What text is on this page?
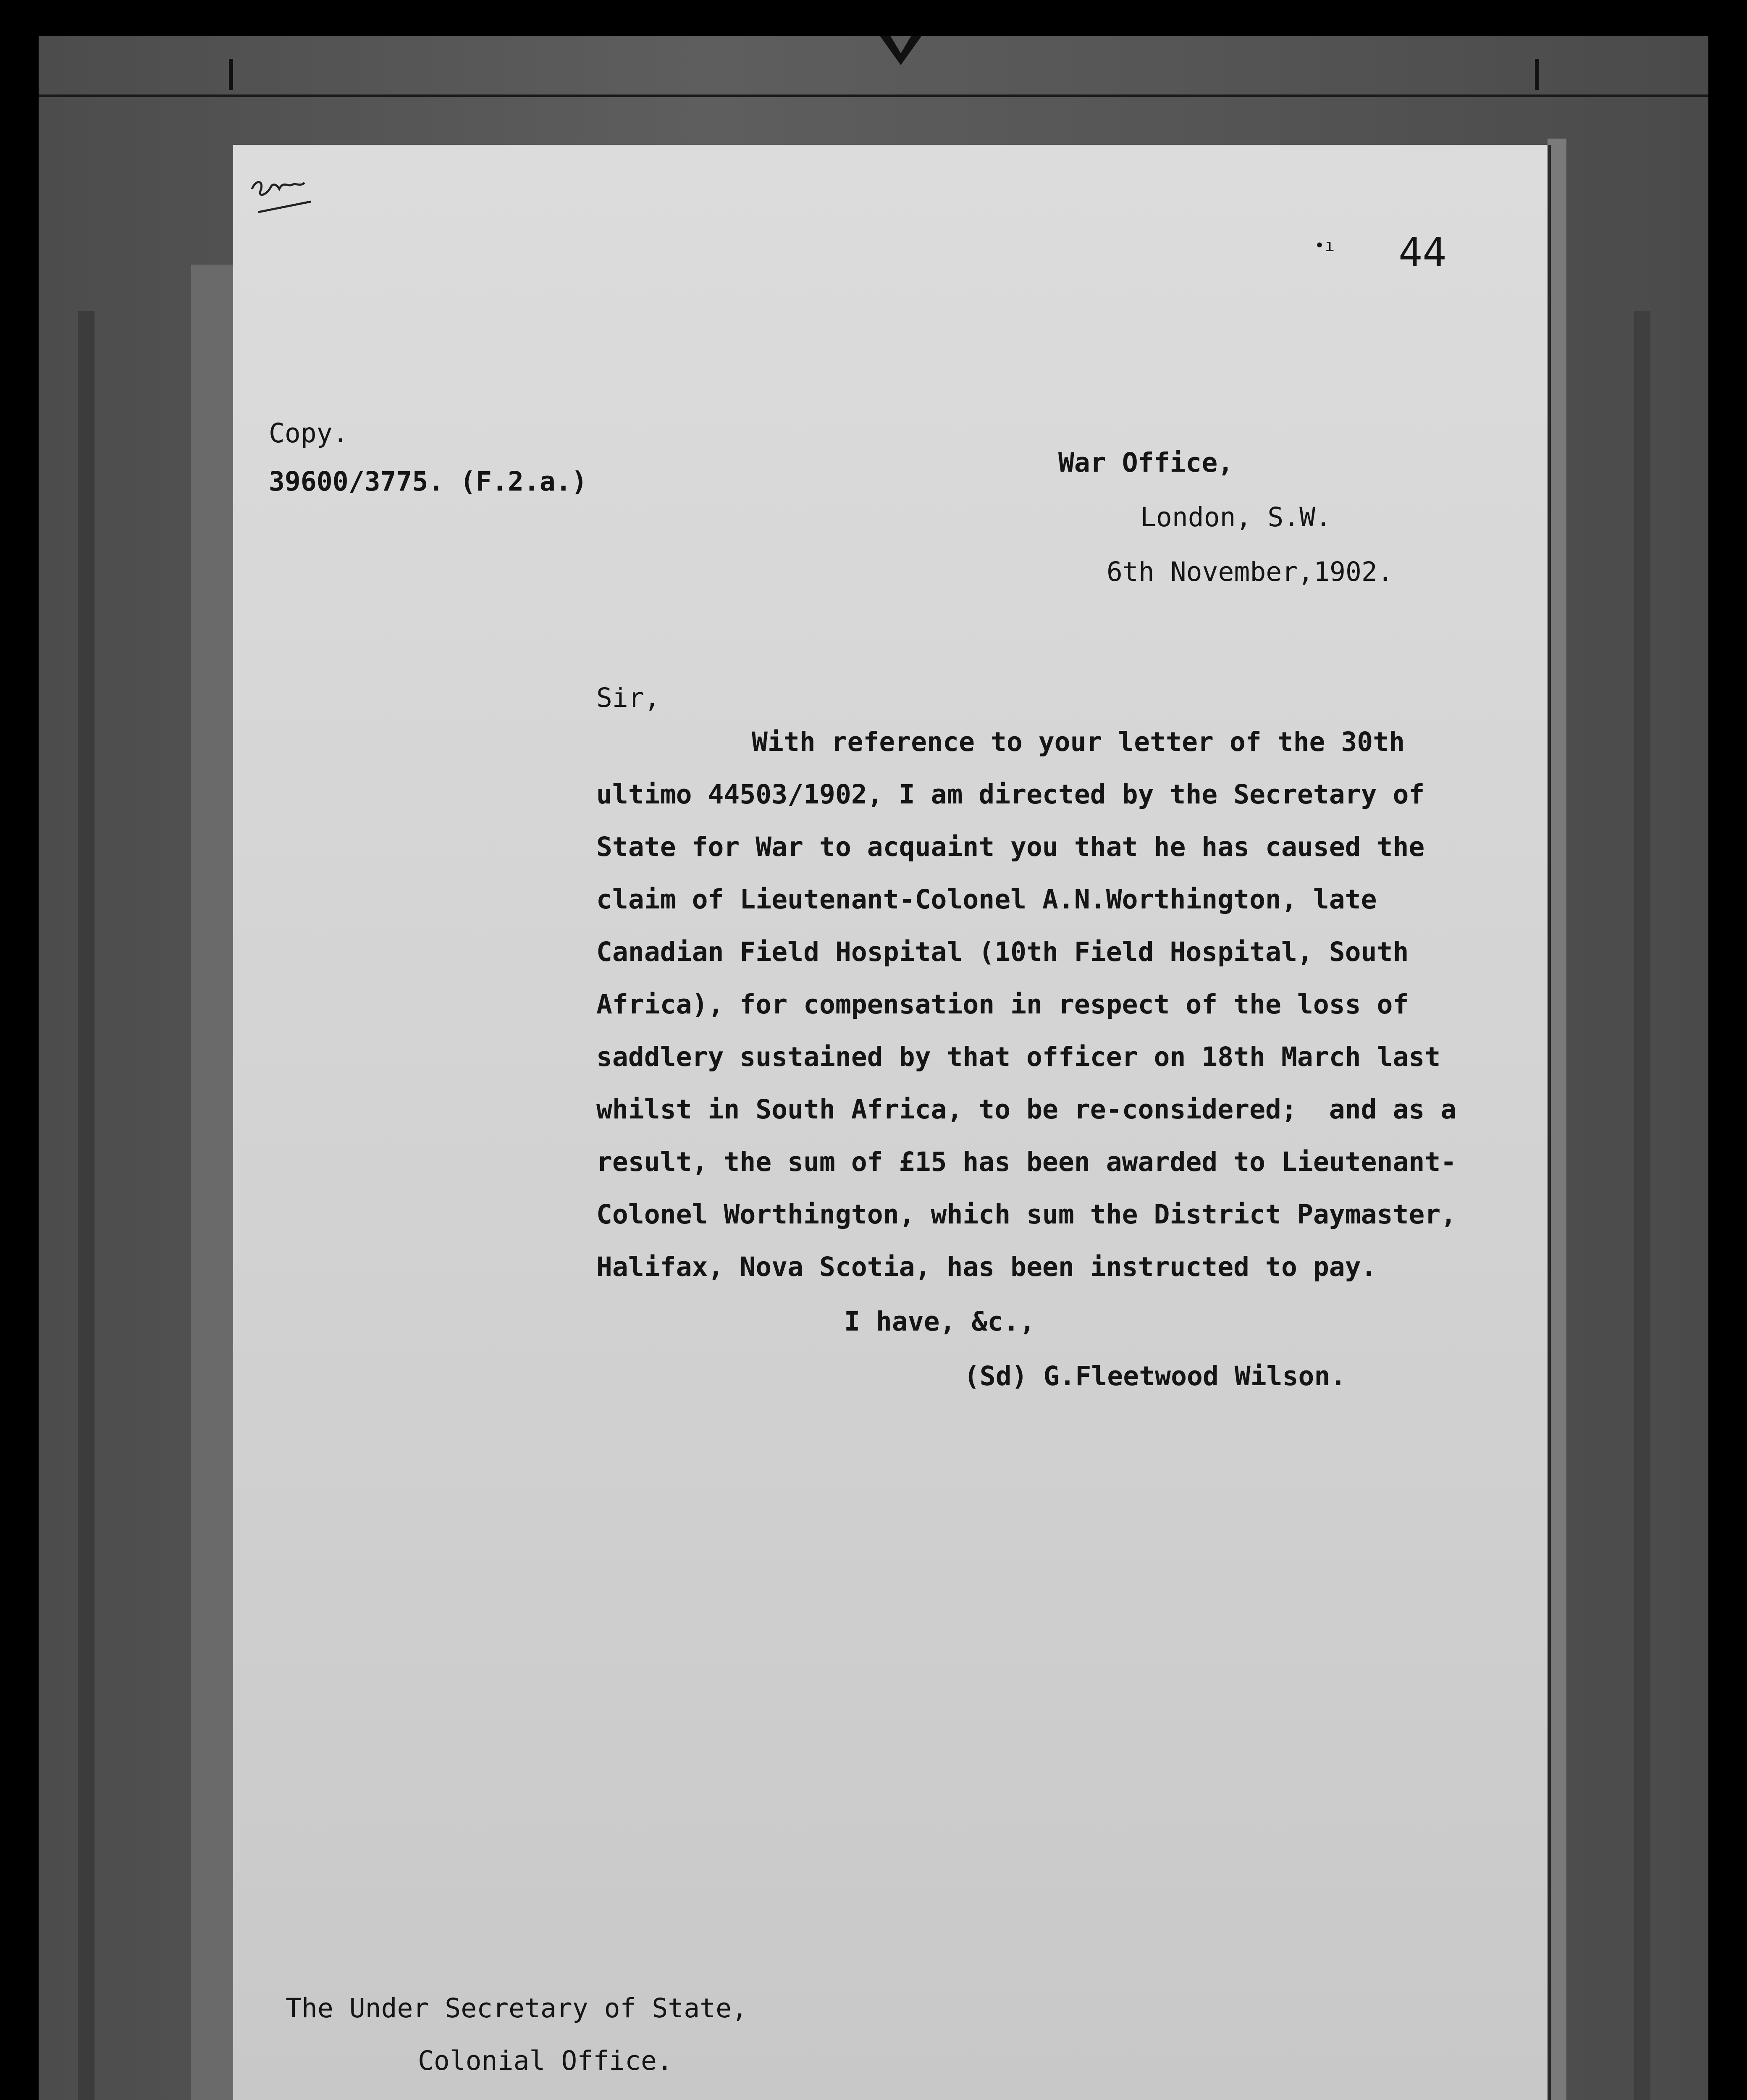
44

•ı

Copy.

39600/3775. (F.2.a.)

War Office,

London, S.W.

6th November,1902.

Sir,

With reference to your letter of the 30th

ultimo 44503/1902, I am directed by the Secretary of

State for War to acquaint you that he has caused the

claim of Lieutenant-Colonel A.N.Worthington, late

Canadian Field Hospital (10th Field Hospital, South

Africa), for compensation in respect of the loss of

saddlery sustained by that officer on 18th March last

whilst in South Africa, to be re-considered;  and as a

result, the sum of £15 has been awarded to Lieutenant-

Colonel Worthington, which sum the District Paymaster,

Halifax, Nova Scotia, has been instructed to pay.

I have, &c.,

(Sd) G.Fleetwood Wilson.

The Under Secretary of State,

Colonial Office.
